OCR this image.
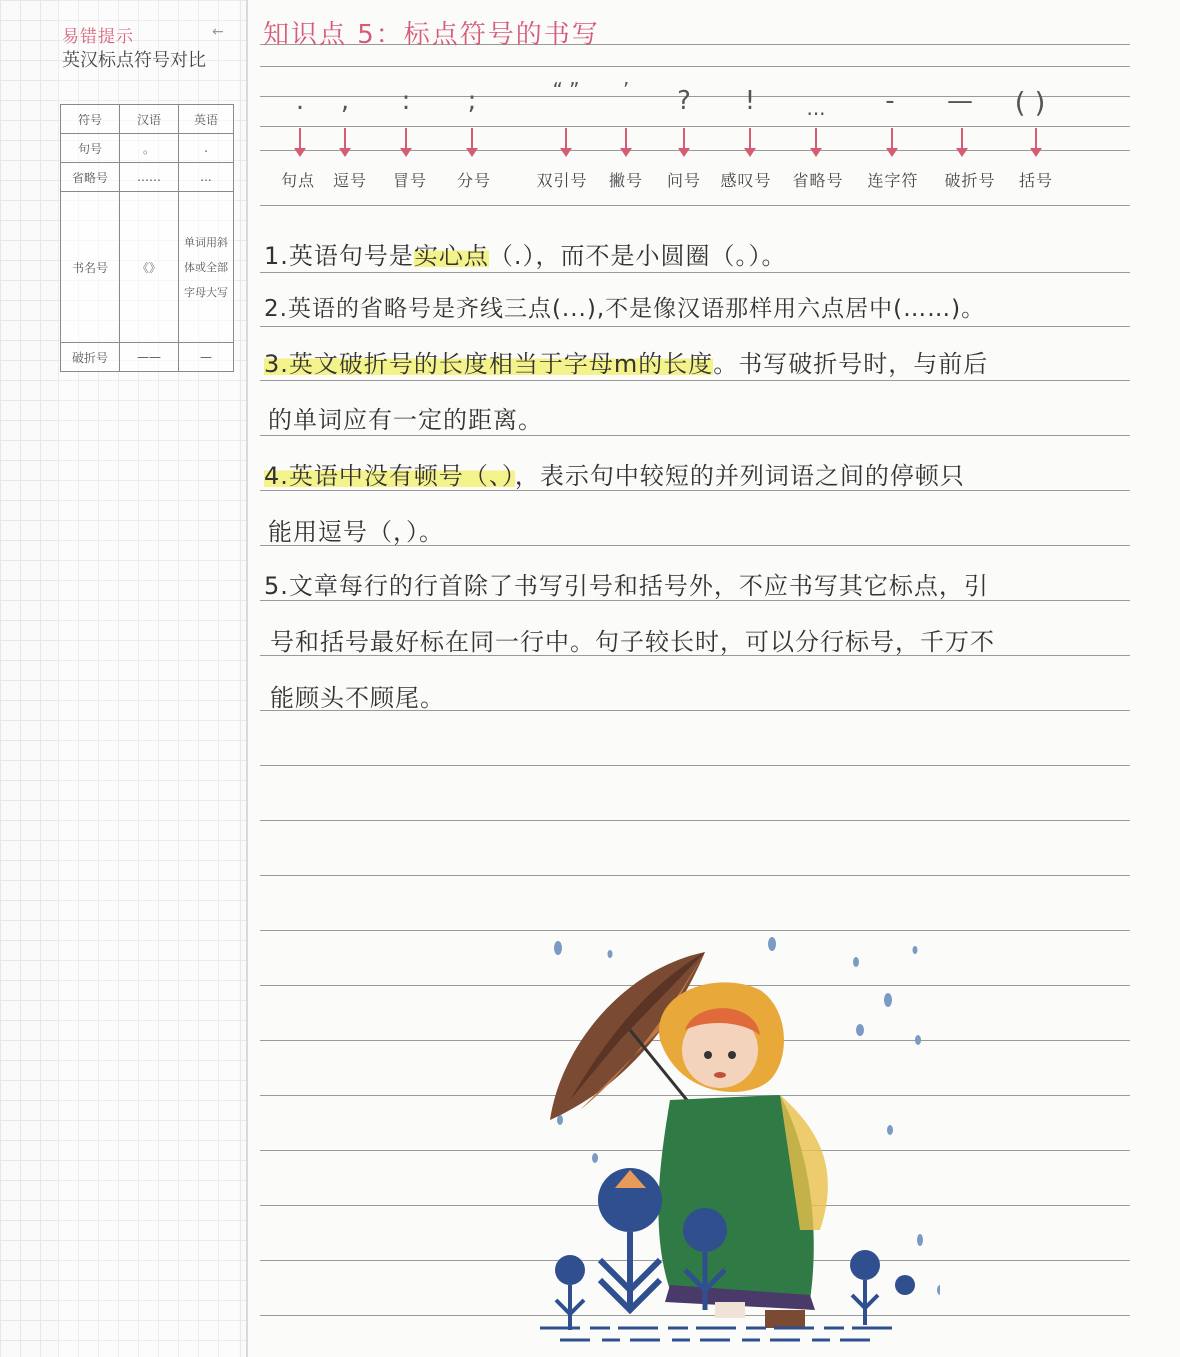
易错提示	←
英汉标点符号对比
符号	汉语	英语
句号	。	.
省略号	……	...
书名号	《》	单词用斜体或全部字母大写
破折号	——	—
知识点 5：标点符号的书写
. , : ;	“ ” ’ ? !	... - — ( )
句点 逗号 冒号 分号	双引号 撇号 问号 感叹号 省略号 连字符 破折号 括号
1.英语句号是实心点（.），而不是小圆圈（。）。
2.英语的省略号是齐线三点(...),不是像汉语那样用六点居中(……)。
3.英文破折号的长度相当于字母m的长度。书写破折号时，与前后
的单词应有一定的距离。
4.英语中没有顿号（、），表示句中较短的并列词语之间的停顿只
能用逗号（，）。
5.文章每行的行首除了书写引号和括号外，不应书写其它标点，引
号和括号最好标在同一行中。句子较长时，可以分行标号，千万不
能顾头不顾尾。
